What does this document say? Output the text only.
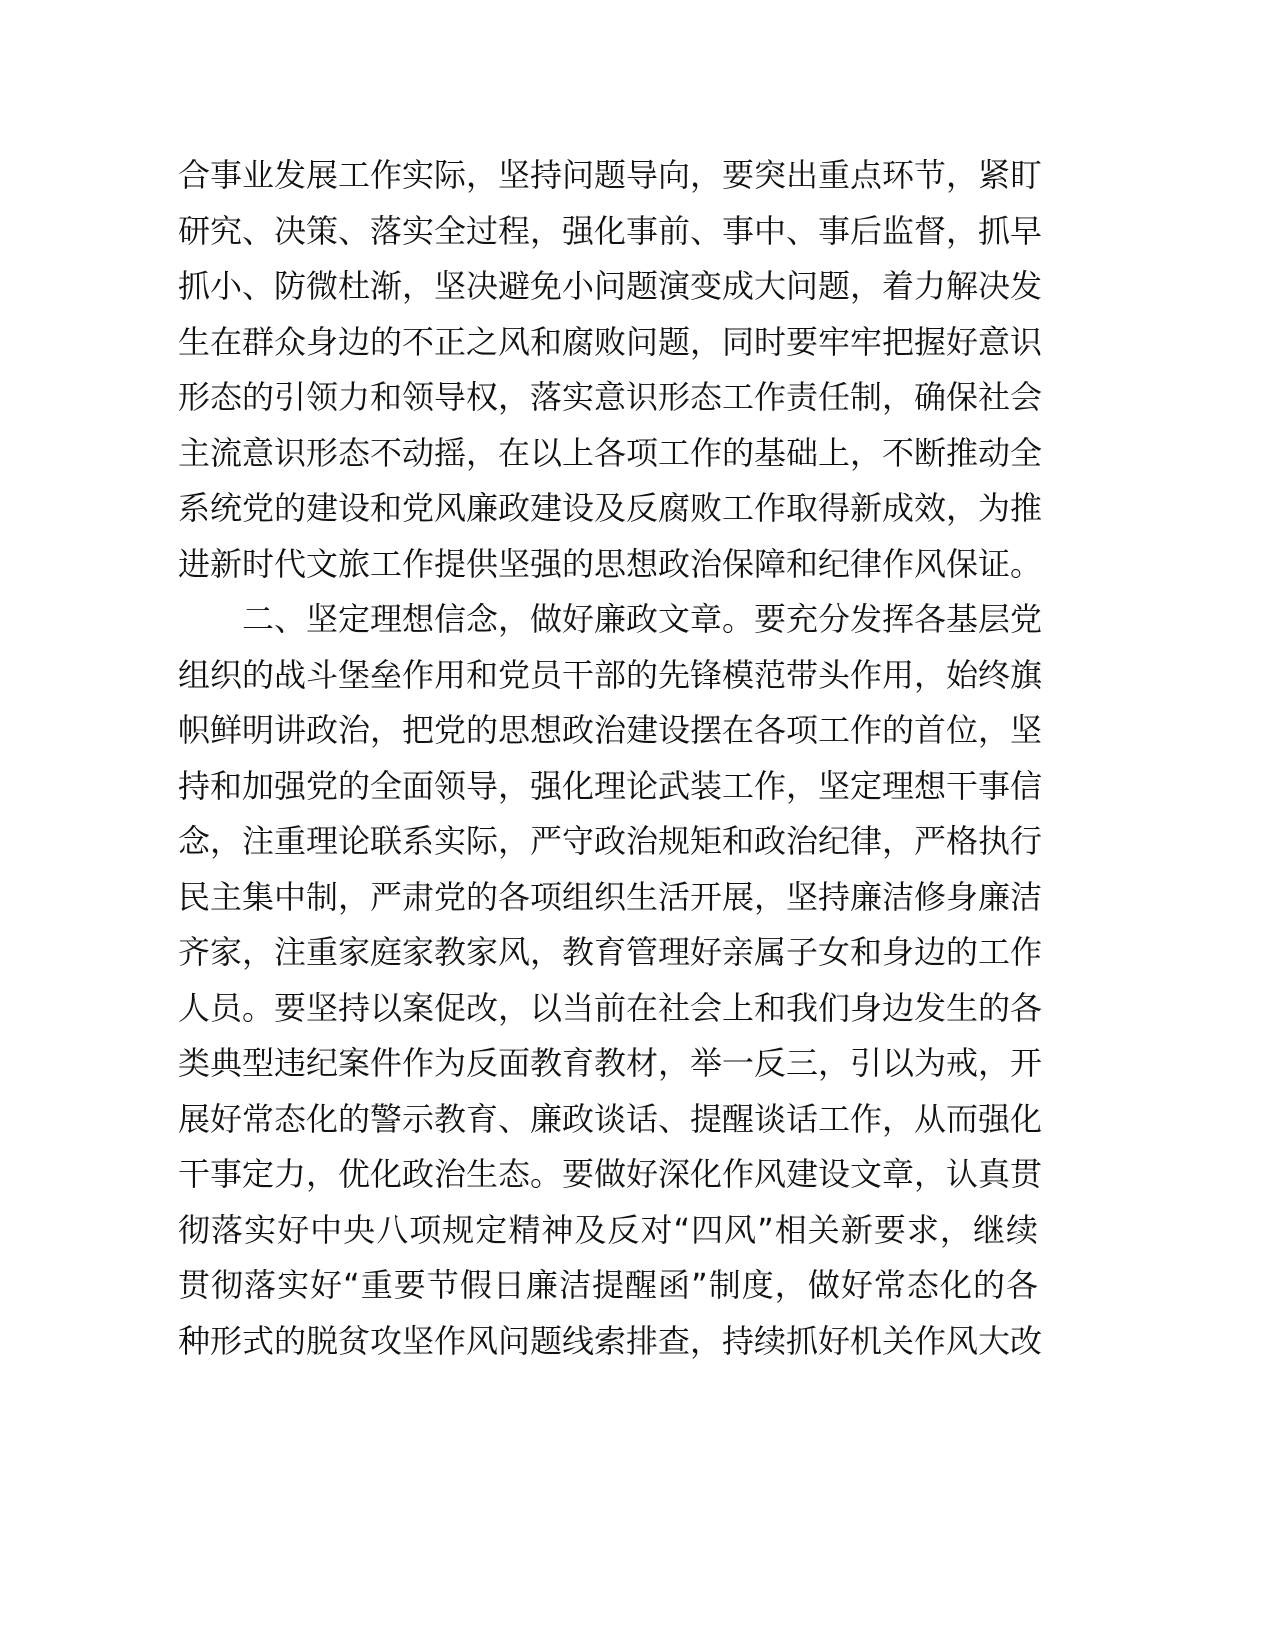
合事业发展工作实际，坚持问题导向，要突出重点环节，紧盯
研究、决策、落实全过程，强化事前、事中、事后监督，抓早
抓小、防微杜渐，坚决避免小问题演变成大问题，着力解决发
生在群众身边的不正之风和腐败问题，同时要牢牢把握好意识
形态的引领力和领导权，落实意识形态工作责任制，确保社会
主流意识形态不动摇，在以上各项工作的基础上，不断推动全
系统党的建设和党风廉政建设及反腐败工作取得新成效，为推
进新时代文旅工作提供坚强的思想政治保障和纪律作风保证。
二、坚定理想信念，做好廉政文章。要充分发挥各基层党
组织的战斗堡垒作用和党员干部的先锋模范带头作用，始终旗
帜鲜明讲政治，把党的思想政治建设摆在各项工作的首位，坚
持和加强党的全面领导，强化理论武装工作，坚定理想干事信
念，注重理论联系实际，严守政治规矩和政治纪律，严格执行
民主集中制，严肃党的各项组织生活开展，坚持廉洁修身廉洁
齐家，注重家庭家教家风，教育管理好亲属子女和身边的工作
人员。要坚持以案促改，以当前在社会上和我们身边发生的各
类典型违纪案件作为反面教育教材，举一反三，引以为戒，开
展好常态化的警示教育、廉政谈话、提醒谈话工作，从而强化
干事定力，优化政治生态。要做好深化作风建设文章，认真贯
彻落实好中央八项规定精神及反对“四风”相关新要求，继续
贯彻落实好“重要节假日廉洁提醒函”制度，做好常态化的各
种形式的脱贫攻坚作风问题线索排查，持续抓好机关作风大改
